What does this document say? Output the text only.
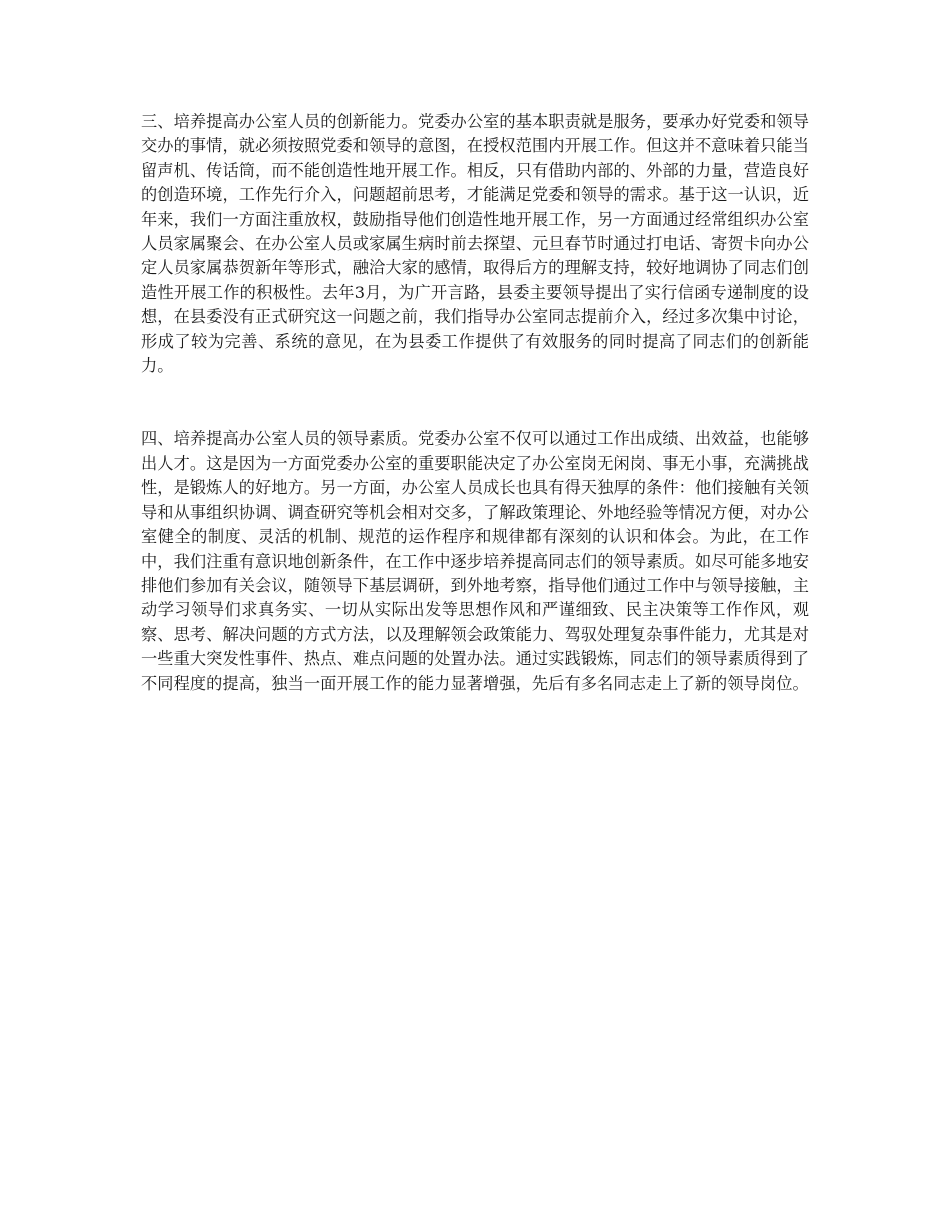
三、培养提高办公室人员的创新能力。党委办公室的基本职责就是服务，要承办好党委和领导交办的事情，就必须按照党委和领导的意图，在授权范围内开展工作。但这并不意味着只能当留声机、传话筒，而不能创造性地开展工作。相反，只有借助内部的、外部的力量，营造良好的创造环境，工作先行介入，问题超前思考，才能满足党委和领导的需求。基于这一认识，近年来，我们一方面注重放权，鼓励指导他们创造性地开展工作，另一方面通过经常组织办公室人员家属聚会、在办公室人员或家属生病时前去探望、元旦春节时通过打电话、寄贺卡向办公定人员家属恭贺新年等形式，融洽大家的感情，取得后方的理解支持，较好地调协了同志们创造性开展工作的积极性。去年3月，为广开言路，县委主要领导提出了实行信函专递制度的设想，在县委没有正式研究这一问题之前，我们指导办公室同志提前介入，经过多次集中讨论，形成了较为完善、系统的意见，在为县委工作提供了有效服务的同时提高了同志们的创新能力。

四、培养提高办公室人员的领导素质。党委办公室不仅可以通过工作出成绩、出效益，也能够出人才。这是因为一方面党委办公室的重要职能决定了办公室岗无闲岗、事无小事，充满挑战性，是锻炼人的好地方。另一方面，办公室人员成长也具有得天独厚的条件：他们接触有关领导和从事组织协调、调查研究等机会相对交多，了解政策理论、外地经验等情况方便，对办公室健全的制度、灵活的机制、规范的运作程序和规律都有深刻的认识和体会。为此，在工作中，我们注重有意识地创新条件，在工作中逐步培养提高同志们的领导素质。如尽可能多地安排他们参加有关会议，随领导下基层调研，到外地考察，指导他们通过工作中与领导接触，主动学习领导们求真务实、一切从实际出发等思想作风和严谨细致、民主决策等工作作风，观察、思考、解决问题的方式方法，以及理解领会政策能力、驾驭处理复杂事件能力，尤其是对一些重大突发性事件、热点、难点问题的处置办法。通过实践锻炼，同志们的领导素质得到了不同程度的提高，独当一面开展工作的能力显著增强，先后有多名同志走上了新的领导岗位。
